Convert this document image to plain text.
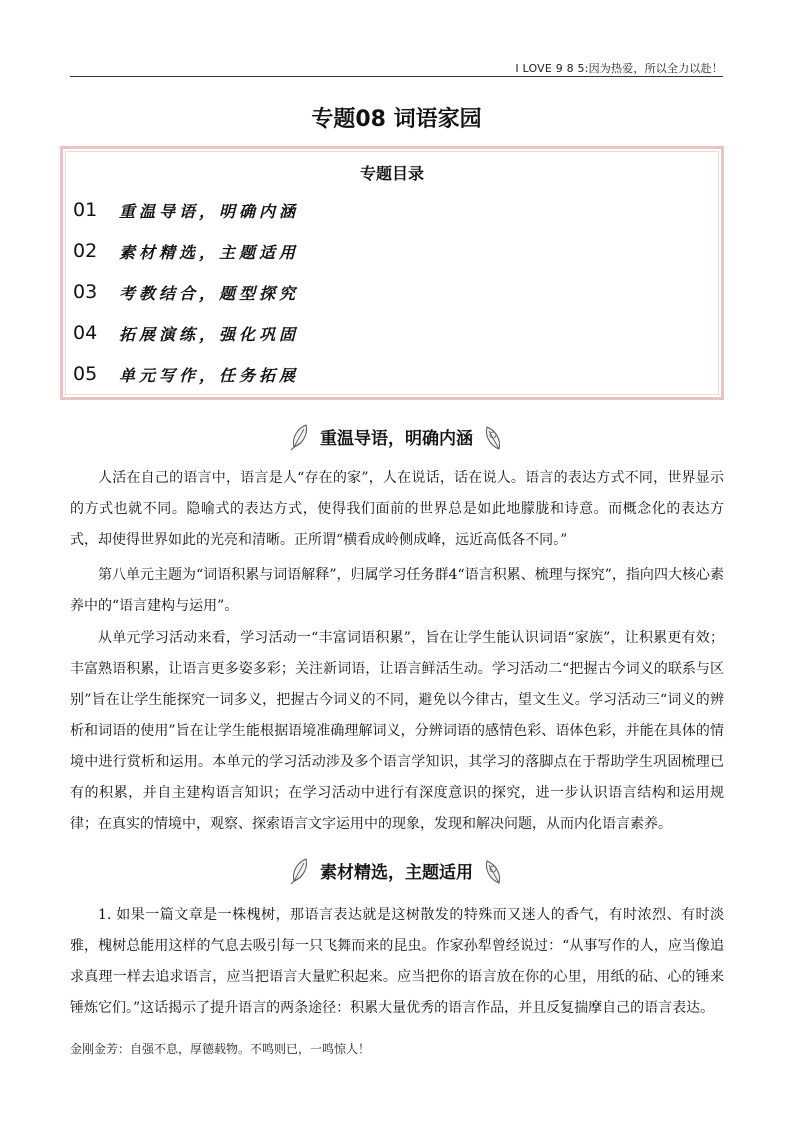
I LOVE 9 8 5:因为热爱，所以全力以赴！
专题08 词语家园
专题目录
01	重温导语，明确内涵
02	素材精选，主题适用
03	考教结合，题型探究
04	拓展演练，强化巩固
05	单元写作，任务拓展
重温导语，明确内涵

人活在自己的语言中，语言是人“存在的家”，人在说话，话在说人。语言的表达方式不同，世界显示的方式也就不同。隐喻式的表达方式，使得我们面前的世界总是如此地朦胧和诗意。而概念化的表达方式，却使得世界如此的光亮和清晰。正所谓“横看成岭侧成峰，远近高低各不同。”

第八单元主题为“词语积累与词语解释”，归属学习任务群4“语言积累、梳理与探究”，指向四大核心素养中的“语言建构与运用”。

从单元学习活动来看，学习活动一“丰富词语积累”，旨在让学生能认识词语“家族”，让积累更有效；丰富熟语积累，让语言更多姿多彩；关注新词语，让语言鲜活生动。学习活动二“把握古今词义的联系与区别”旨在让学生能探究一词多义，把握古今词义的不同，避免以今律古，望文生义。学习活动三“词义的辨析和词语的使用”旨在让学生能根据语境准确理解词义，分辨词语的感情色彩、语体色彩，并能在具体的情境中进行赏析和运用。本单元的学习活动涉及多个语言学知识，其学习的落脚点在于帮助学生巩固梳理已有的积累，并自主建构语言知识；在学习活动中进行有深度意识的探究，进一步认识语言结构和运用规律；在真实的情境中，观察、探索语言文字运用中的现象，发现和解决问题，从而内化语言素养。

素材精选，主题适用

1. 如果一篇文章是一株槐树，那语言表达就是这树散发的特殊而又迷人的香气，有时浓烈、有时淡雅，槐树总能用这样的气息去吸引每一只飞舞而来的昆虫。作家孙犁曾经说过：“从事写作的人，应当像追求真理一样去追求语言，应当把语言大量贮积起来。应当把你的语言放在你的心里，用纸的砧、心的锤来锤炼它们。”这话揭示了提升语言的两条途径：积累大量优秀的语言作品，并且反复揣摩自己的语言表达。

金刚金芳：自强不息，厚德载物。不鸣则已，一鸣惊人！
